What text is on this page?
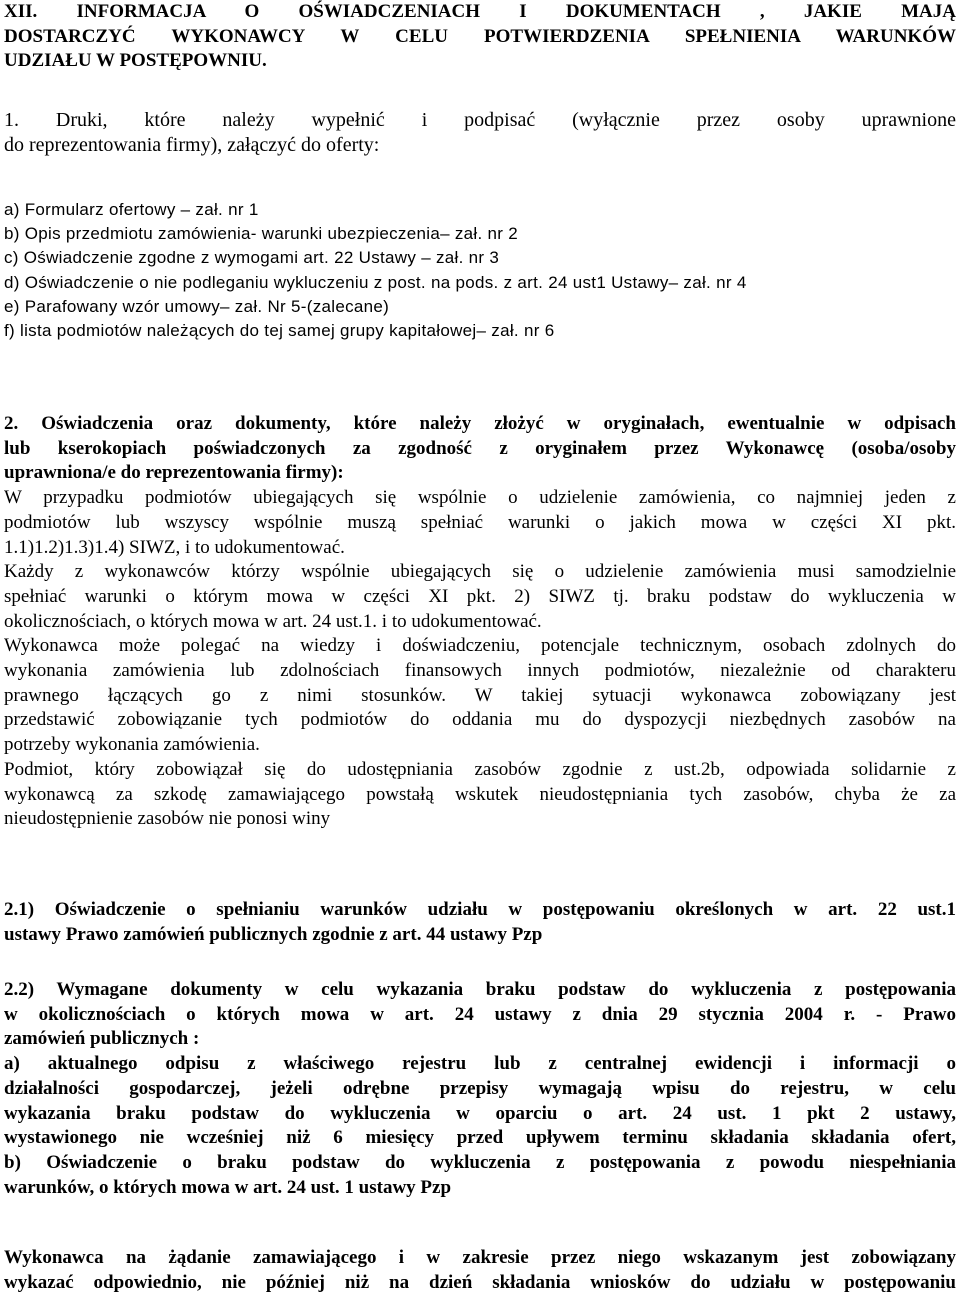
XII. INFORMACJA O OŚWIADCZENIACH I DOKUMENTACH , JAKIE MAJĄ
DOSTARCZYĆ WYKONAWCY W CELU POTWIERDZENIA SPEŁNIENIA WARUNKÓW
UDZIAŁU W POSTĘPOWNIU.
1. Druki, które należy wypełnić i podpisać (wyłącznie przez osoby uprawnione
do reprezentowania firmy), załączyć do oferty:
a) Formularz ofertowy – zał. nr 1
b) Opis przedmiotu zamówienia- warunki ubezpieczenia– zał. nr 2
c) Oświadczenie zgodne z wymogami art. 22 Ustawy – zał. nr 3
d) Oświadczenie o nie podleganiu wykluczeniu z post. na pods. z art. 24 ust1 Ustawy– zał. nr 4
e) Parafowany wzór umowy– zał. Nr 5-(zalecane)
f) lista podmiotów należących do tej samej grupy kapitałowej– zał. nr 6
2. Oświadczenia oraz dokumenty, które należy złożyć w oryginałach, ewentualnie w odpisach
lub kserokopiach poświadczonych za zgodność z oryginałem przez Wykonawcę (osoba/osoby
uprawniona/e do reprezentowania firmy):
W przypadku podmiotów ubiegających się wspólnie o udzielenie zamówienia, co najmniej jeden z
podmiotów lub wszyscy wspólnie muszą spełniać warunki o jakich mowa w części XI pkt.
1.1)1.2)1.3)1.4) SIWZ, i to udokumentować.
Każdy z wykonawców którzy wspólnie ubiegających się o udzielenie zamówienia musi samodzielnie
spełniać warunki o którym mowa w części XI pkt. 2) SIWZ tj. braku podstaw do wykluczenia w
okolicznościach, o których mowa w art. 24 ust.1. i to udokumentować.
Wykonawca może polegać na wiedzy i doświadczeniu, potencjale technicznym, osobach zdolnych do
wykonania zamówienia lub zdolnościach finansowych innych podmiotów, niezależnie od charakteru
prawnego łączących go z nimi stosunków. W takiej sytuacji wykonawca zobowiązany jest
przedstawić zobowiązanie tych podmiotów do oddania mu do dyspozycji niezbędnych zasobów na
potrzeby wykonania zamówienia.
Podmiot, który zobowiązał się do udostępniania zasobów zgodnie z ust.2b, odpowiada solidarnie z
wykonawcą za szkodę zamawiającego powstałą wskutek nieudostępniania tych zasobów, chyba że za
nieudostępnienie zasobów nie ponosi winy
2.1) Oświadczenie o spełnianiu warunków udziału w postępowaniu określonych w art. 22 ust.1
ustawy Prawo zamówień publicznych zgodnie z art. 44 ustawy Pzp
2.2) Wymagane dokumenty w celu wykazania braku podstaw do wykluczenia z postępowania
w okolicznościach o których mowa w art. 24 ustawy z dnia 29 stycznia 2004 r. - Prawo
zamówień publicznych :
a) aktualnego odpisu z właściwego rejestru lub z centralnej ewidencji i informacji o
działalności gospodarczej, jeżeli odrębne przepisy wymagają wpisu do rejestru, w celu
wykazania braku podstaw do wykluczenia w oparciu o art. 24 ust. 1 pkt 2 ustawy,
wystawionego nie wcześniej niż 6 miesięcy przed upływem terminu składania składania ofert,
b) Oświadczenie o braku podstaw do wykluczenia z postępowania z powodu niespełniania
warunków, o których mowa w art. 24 ust. 1 ustawy Pzp
Wykonawca na żądanie zamawiającego i w zakresie przez niego wskazanym jest zobowiązany
wykazać odpowiednio, nie później niż na dzień składania wniosków do udziału w postępowaniu
